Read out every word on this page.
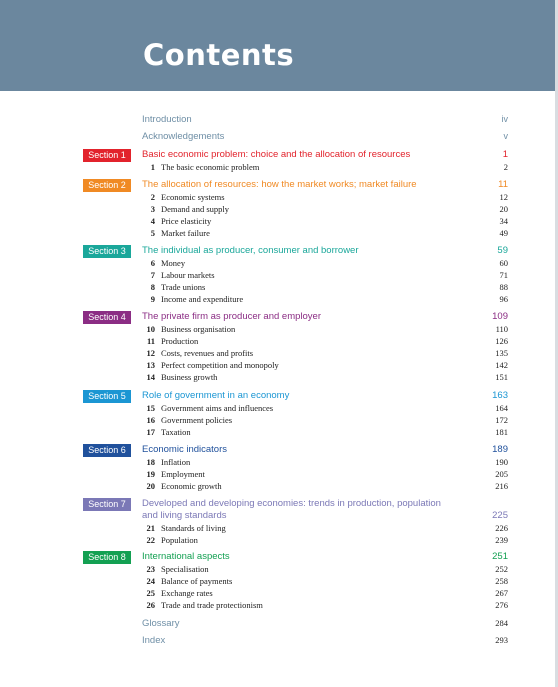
Contents
Introduction	iv
Acknowledgements	v
Section 1	Basic economic problem: choice and the allocation of resources	1
1 The basic economic problem	2
Section 2	The allocation of resources: how the market works; market failure	11
2 Economic systems	12
3 Demand and supply	20
4 Price elasticity	34
5 Market failure	49
Section 3	The individual as producer, consumer and borrower	59
6 Money	60
7 Labour markets	71
8 Trade unions	88
9 Income and expenditure	96
Section 4	The private firm as producer and employer	109
10 Business organisation	110
11 Production	126
12 Costs, revenues and profits	135
13 Perfect competition and monopoly	142
14 Business growth	151
Section 5	Role of government in an economy	163
15 Government aims and influences	164
16 Government policies	172
17 Taxation	181
Section 6	Economic indicators	189
18 Inflation	190
19 Employment	205
20 Economic growth	216
Section 7	Developed and developing economies: trends in production, population and living standards	225
21 Standards of living	226
22 Population	239
Section 8	International aspects	251
23 Specialisation	252
24 Balance of payments	258
25 Exchange rates	267
26 Trade and trade protectionism	276
Glossary	284
Index	293
